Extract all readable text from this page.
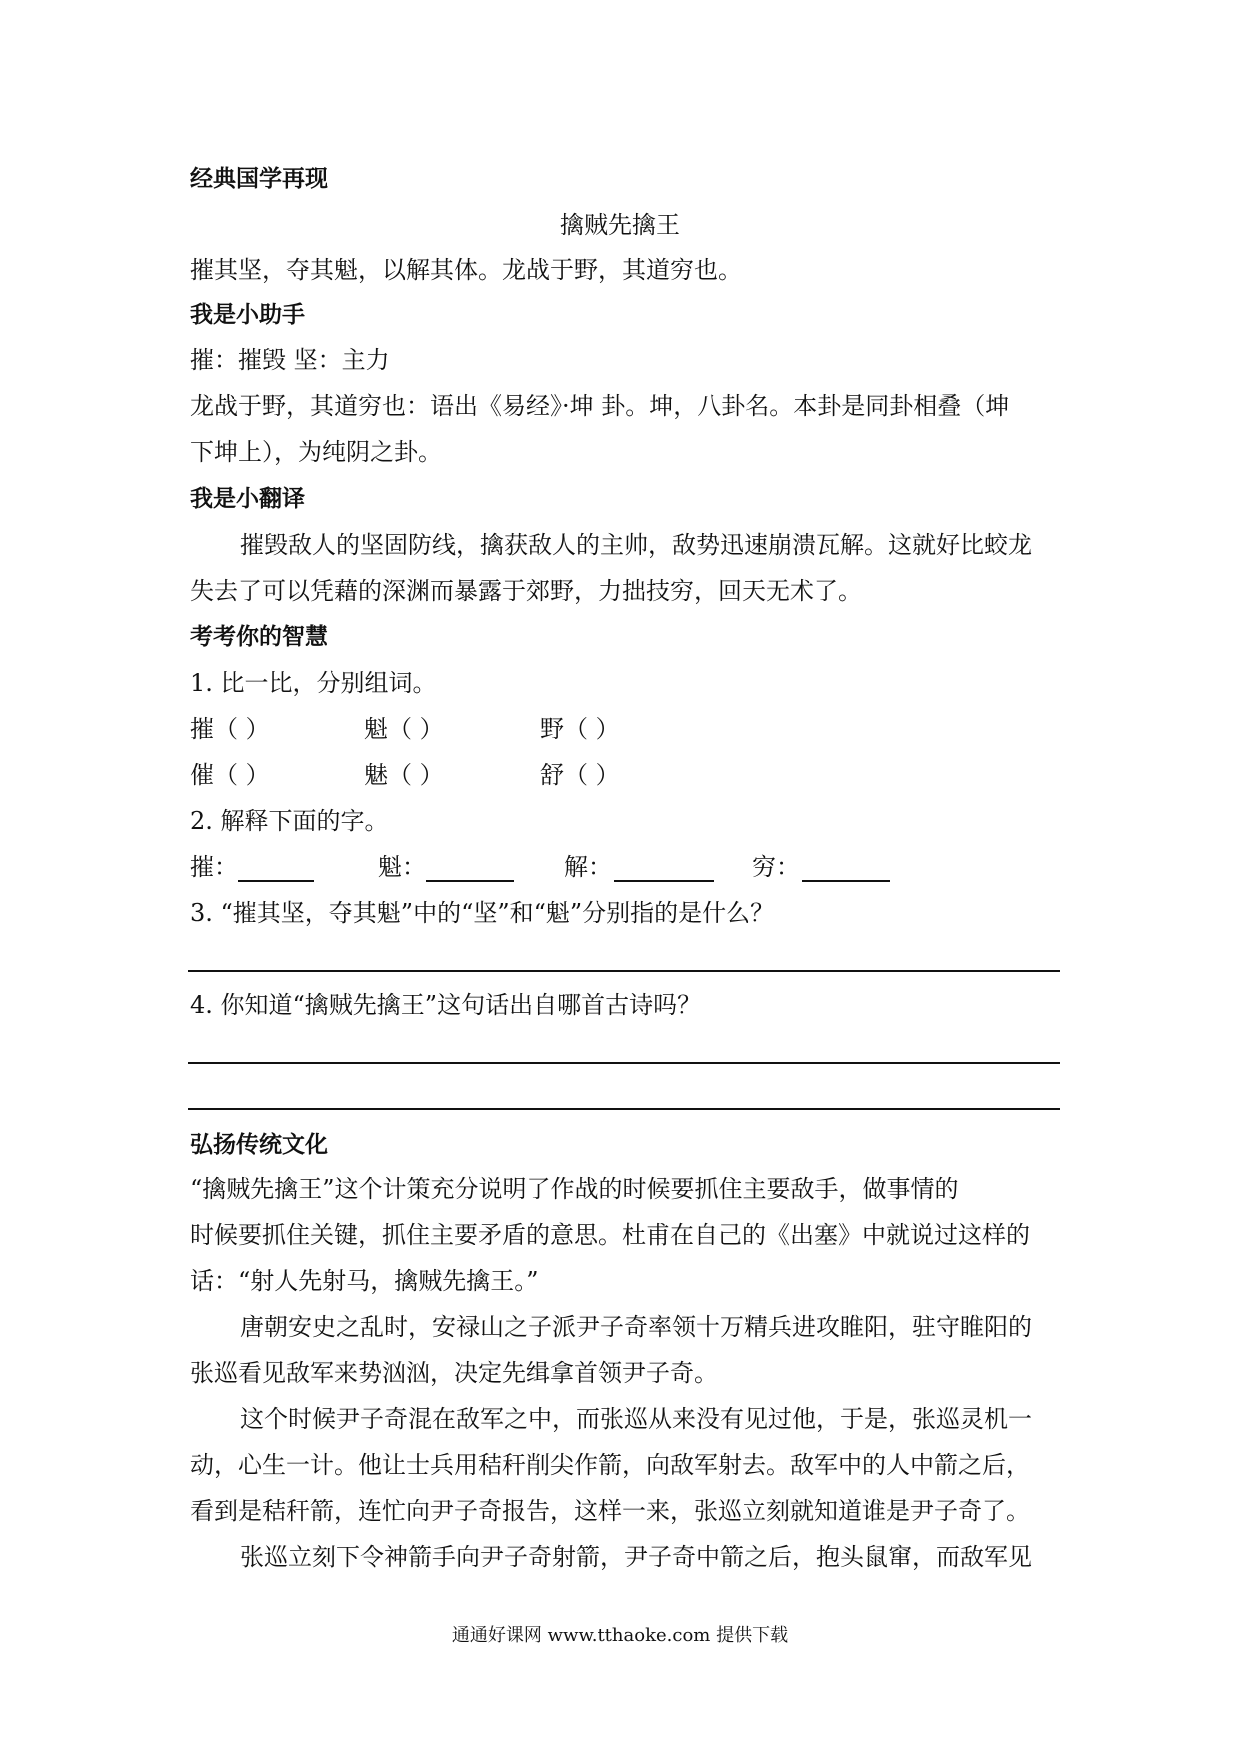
经典国学再现
擒贼先擒王
摧其坚，夺其魁，以解其体。龙战于野，其道穷也。
我是小助手
摧：摧毁 坚：主力
龙战于野，其道穷也：语出《易经》·坤 卦。坤，八卦名。本卦是同卦相叠（坤
下坤上），为纯阴之卦。
我是小翻译
摧毁敌人的坚固防线，擒获敌人的主帅，敌势迅速崩溃瓦解。这就好比蛟龙
失去了可以凭藉的深渊而暴露于郊野，力拙技穷，回天无术了。
考考你的智慧
1. 比一比，分别组词。
摧（ ）	魁（ ）	野（ ）
催（ ）	魅（ ）	舒（ ）
2. 解释下面的字。
摧：	魁：	解：	穷：
3. “摧其坚，夺其魁”中的“坚”和“魁”分别指的是什么？
4. 你知道“擒贼先擒王”这句话出自哪首古诗吗？
弘扬传统文化
“擒贼先擒王”这个计策充分说明了作战的时候要抓住主要敌手，做事情的
时候要抓住关键，抓住主要矛盾的意思。杜甫在自己的《出塞》中就说过这样的
话：“射人先射马，擒贼先擒王。”
唐朝安史之乱时，安禄山之子派尹子奇率领十万精兵进攻睢阳，驻守睢阳的
张巡看见敌军来势汹汹，决定先缉拿首领尹子奇。
这个时候尹子奇混在敌军之中，而张巡从来没有见过他，于是，张巡灵机一
动，心生一计。他让士兵用秸秆削尖作箭，向敌军射去。敌军中的人中箭之后，
看到是秸秆箭，连忙向尹子奇报告，这样一来，张巡立刻就知道谁是尹子奇了。
张巡立刻下令神箭手向尹子奇射箭，尹子奇中箭之后，抱头鼠窜，而敌军见
通通好课网 www.tthaoke.com 提供下载
